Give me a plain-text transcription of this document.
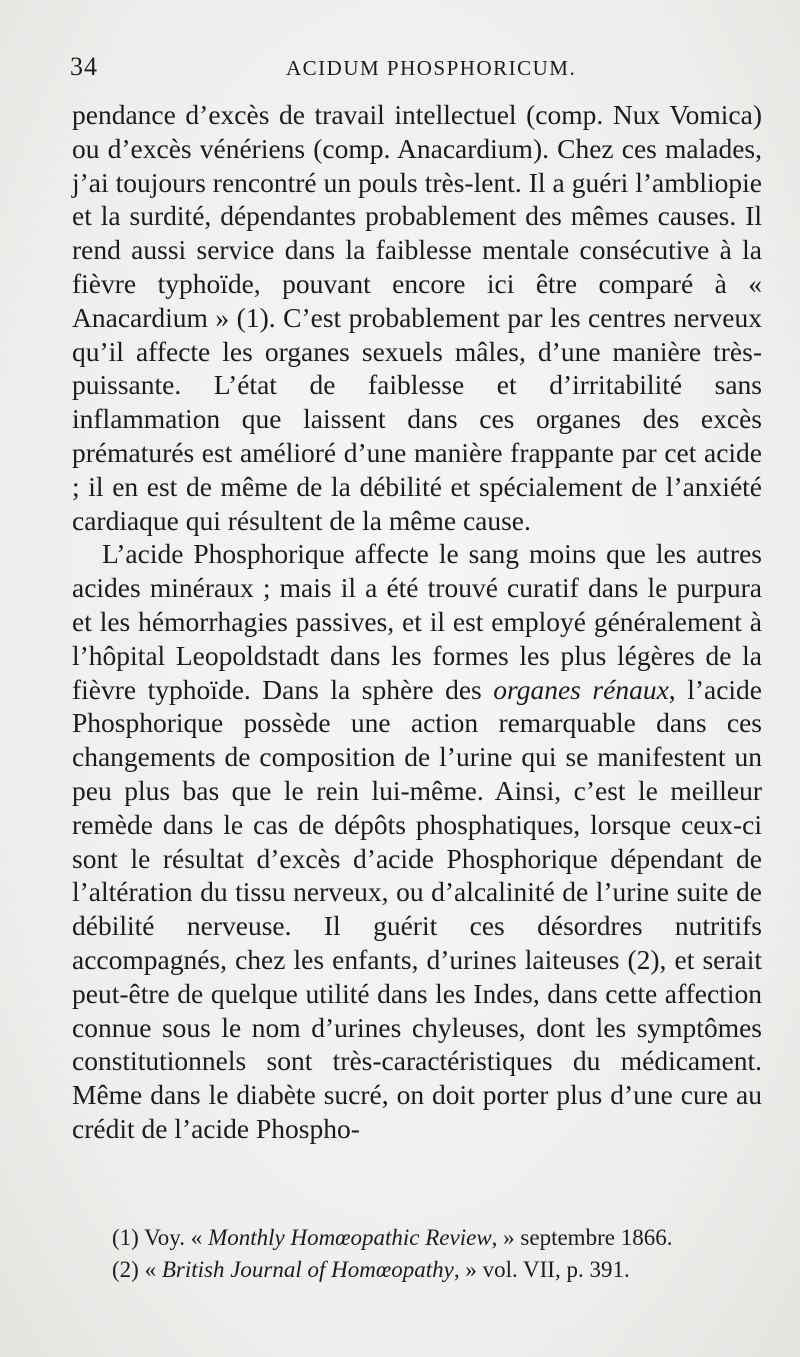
34	ACIDUM PHOSPHORICUM.

pendance d’excès de travail intellectuel (comp. Nux Vomica) ou d’excès vénériens (comp. Anacardium). Chez ces malades, j’ai toujours rencontré un pouls très-lent. Il a guéri l’ambliopie et la surdité, dépendantes probablement des mêmes causes. Il rend aussi service dans la faiblesse mentale consécutive à la fièvre typhoïde, pouvant encore ici être comparé à « Anacardium » (1). C’est probablement par les centres nerveux qu’il affecte les organes sexuels mâles, d’une manière très-puissante. L’état de faiblesse et d’irritabilité sans inflammation que laissent dans ces organes des excès prématurés est amélioré d’une manière frappante par cet acide ; il en est de même de la débilité et spécialement de l’anxiété cardiaque qui résultent de la même cause.

L’acide Phosphorique affecte le sang moins que les autres acides minéraux ; mais il a été trouvé curatif dans le purpura et les hémorrhagies passives, et il est employé généralement à l’hôpital Leopoldstadt dans les formes les plus légères de la fièvre typhoïde. Dans la sphère des organes rénaux, l’acide Phosphorique possède une action remarquable dans ces changements de composition de l’urine qui se manifestent un peu plus bas que le rein lui-même. Ainsi, c’est le meilleur remède dans le cas de dépôts phosphatiques, lorsque ceux-ci sont le résultat d’excès d’acide Phosphorique dépendant de l’altération du tissu nerveux, ou d’alcalinité de l’urine suite de débilité nerveuse. Il guérit ces désordres nutritifs accompagnés, chez les enfants, d’urines laiteuses (2), et serait peut-être de quelque utilité dans les Indes, dans cette affection connue sous le nom d’urines chyleuses, dont les symptômes constitutionnels sont très-caractéristiques du médicament. Même dans le diabète sucré, on doit porter plus d’une cure au crédit de l’acide Phospho-

(1) Voy. « Monthly Homœopathic Review, » septembre 1866.

(2) « British Journal of Homœopathy, » vol. VII, p. 391.
